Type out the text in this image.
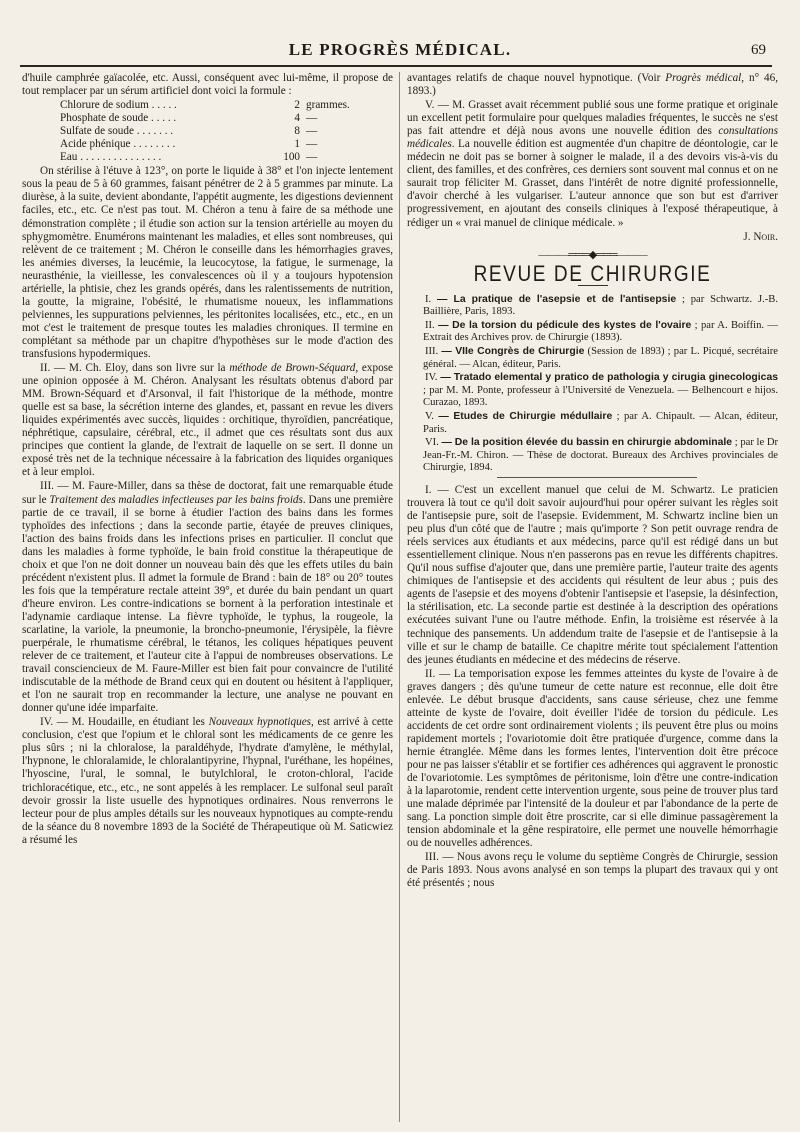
LE PROGRÈS MÉDICAL.	69

d'huile camphrée gaïacolée, etc. Aussi, conséquent avec lui-même, il propose de tout remplacer par un sérum artificiel dont voici la formule :

Chlorure de sodium . . . . .	2 grammes.
Phosphate de soude . . . . .	4 —
Sulfate de soude . . . . . . .	8 —
Acide phénique . . . . . . . .	1 —
Eau . . . . . . . . . . . . . . .	100 —

On stérilise à l'étuve à 123°, on porte le liquide à 38° et l'on injecte lentement sous la peau de 5 à 60 grammes, faisant pénétrer de 2 à 5 grammes par minute. La diurèse, à la suite, devient abondante, l'appétit augmente, les digestions deviennent faciles, etc., etc. Ce n'est pas tout. M. Chéron a tenu à faire de sa méthode une démonstration complète ; il étudie son action sur la tension artérielle au moyen du sphygmomètre. Enumérons maintenant les maladies, et elles sont nombreuses, qui relèvent de ce traitement ; M. Chéron le conseille dans les hémorrhagies graves, les anémies diverses, la leucémie, la leucocytose, la fatigue, le surmenage, la neurasthénie, la vieillesse, les convalescences où il y a toujours hypotension artérielle, la phtisie, chez les grands opérés, dans les ralentissements de nutrition, la goutte, la migraine, l'obésité, le rhumatisme noueux, les inflammations pelviennes, les suppurations pelviennes, les péritonites localisées, etc., etc., en un mot c'est le traitement de presque toutes les maladies chroniques. Il termine en complétant sa méthode par un chapitre d'hypothèses sur le mode d'action des transfusions hypodermiques.

II. — M. Ch. Eloy, dans son livre sur la méthode de Brown-Séquard, expose une opinion opposée à M. Chéron. Analysant les résultats obtenus d'abord par MM. Brown-Séquard et d'Arsonval, il fait l'historique de la méthode, montre quelle est sa base, la sécrétion interne des glandes, et, passant en revue les divers liquides expérimentés avec succès, liquides : orchitique, thyroïdien, pancréatique, néphrétique, capsulaire, cérébral, etc., il admet que ces résultats sont dus aux principes que contient la glande, de l'extrait de laquelle on se sert. Il donne un exposé très net de la technique nécessaire à la fabrication des liquides organiques et à leur emploi.

III. — M. Faure-Miller, dans sa thèse de doctorat, fait une remarquable étude sur le Traitement des maladies infectieuses par les bains froids. Dans une première partie de ce travail, il se borne à étudier l'action des bains dans les formes typhoïdes des infections ; dans la seconde partie, étayée de preuves cliniques, l'action des bains froids dans les infections prises en particulier. Il conclut que dans les maladies à forme typhoïde, le bain froid constitue la thérapeutique de choix et que l'on ne doit donner un nouveau bain dès que les effets utiles du bain précédent n'existent plus. Il admet la formule de Brand : bain de 18° ou 20° toutes les fois que la température rectale atteint 39°, et durée du bain pendant un quart d'heure environ. Les contre-indications se bornent à la perforation intestinale et l'adynamie cardiaque intense. La fièvre typhoïde, le typhus, la rougeole, la scarlatine, la variole, la pneumonie, la broncho-pneumonie, l'érysipèle, la fièvre puerpérale, le rhumatisme cérébral, le tétanos, les coliques hépatiques peuvent relever de ce traitement, et l'auteur cite à l'appui de nombreuses observations. Le travail consciencieux de M. Faure-Miller est bien fait pour convaincre de l'utilité indiscutable de la méthode de Brand ceux qui en doutent ou hésitent à l'appliquer, et l'on ne saurait trop en recommander la lecture, une analyse ne pouvant en donner qu'une idée imparfaite.

IV. — M. Houdaille, en étudiant les Nouveaux hypnotiques, est arrivé à cette conclusion, c'est que l'opium et le chloral sont les médicaments de ce genre les plus sûrs ; ni la chloralose, la paraldéhyde, l'hydrate d'amylène, le méthylal, l'hypnone, le chloralamide, le chloralantipyrine, l'hypnal, l'uréthane, les hopéines, l'hyoscine, l'ural, le somnal, le butylchloral, le croton-chloral, l'acide trichloracétique, etc., etc., ne sont appelés à les remplacer. Le sulfonal seul paraît devoir grossir la liste usuelle des hypnotiques ordinaires. Nous renverrons le lecteur pour de plus amples détails sur les nouveaux hypnotiques au compte-rendu de la séance du 8 novembre 1893 de la Société de Thérapeutique où M. Saticwiez a résumé les

avantages relatifs de chaque nouvel hypnotique. (Voir Progrès médical, n° 46, 1893.)

V. — M. Grasset avait récemment publié sous une forme pratique et originale un excellent petit formulaire pour quelques maladies fréquentes, le succès ne s'est pas fait attendre et déjà nous avons une nouvelle édition des consultations médicales. La nouvelle édition est augmentée d'un chapitre de déontologie, car le médecin ne doit pas se borner à soigner le malade, il a des devoirs vis-à-vis du client, des familles, et des confrères, ces derniers sont souvent mal connus et on ne saurait trop féliciter M. Grasset, dans l'intérêt de notre dignité professionnelle, d'avoir cherché à les vulgariser. L'auteur annonce que son but est d'arriver progressivement, en ajoutant des conseils cliniques à l'exposé thérapeutique, à rédiger un « vrai manuel de clinique médicale. »

J. Noir.
———═══◆═══———
REVUE DE CHIRURGIE

I. — La pratique de l'asepsie et de l'antisepsie ; par Schwartz. J.-B. Baillière, Paris, 1893.

II. — De la torsion du pédicule des kystes de l'ovaire ; par A. Boiffin. — Extrait des Archives prov. de Chirurgie (1893).

III. — VIIe Congrès de Chirurgie (Session de 1893) ; par L. Picqué, secrétaire général. — Alcan, éditeur, Paris.

IV. — Tratado elemental y pratico de pathologia y cirugia ginecologicas ; par M. M. Ponte, professeur à l'Université de Venezuela. — Belhencourt e hijos. Curazao, 1893.

V. — Etudes de Chirurgie médullaire ; par A. Chipault. — Alcan, éditeur, Paris.

VI. — De la position élevée du bassin en chirurgie abdominale ; par le Dr Jean-Fr.-M. Chiron. — Thèse de doctorat. Bureaux des Archives provinciales de Chirurgie, 1894.

I. — C'est un excellent manuel que celui de M. Schwartz. Le praticien trouvera là tout ce qu'il doit savoir aujourd'hui pour opérer suivant les règles soit de l'antisepsie pure, soit de l'asepsie. Evidemment, M. Schwartz incline bien un peu plus d'un côté que de l'autre ; mais qu'importe ? Son petit ouvrage rendra de réels services aux étudiants et aux médecins, parce qu'il est rédigé dans un but essentiellement clinique. Nous n'en passerons pas en revue les différents chapitres. Qu'il nous suffise d'ajouter que, dans une première partie, l'auteur traite des agents chimiques de l'antisepsie et des accidents qui résultent de leur abus ; puis des agents de l'asepsie et des moyens d'obtenir l'antisepsie et l'asepsie, la désinfection, la stérilisation, etc. La seconde partie est destinée à la description des opérations exécutées suivant l'une ou l'autre méthode. Enfin, la troisième est réservée à la technique des pansements. Un addendum traite de l'asepsie et de l'antisepsie à la ville et sur le champ de bataille. Ce chapitre mérite tout spécialement l'attention des jeunes étudiants en médecine et des médecins de réserve.

II. — La temporisation expose les femmes atteintes du kyste de l'ovaire à de graves dangers ; dès qu'une tumeur de cette nature est reconnue, elle doit être enlevée. Le début brusque d'accidents, sans cause sérieuse, chez une femme atteinte de kyste de l'ovaire, doit éveiller l'idée de torsion du pédicule. Les accidents de cet ordre sont ordinairement violents ; ils peuvent être plus ou moins rapidement mortels ; l'ovariotomie doit être pratiquée d'urgence, comme dans la hernie étranglée. Même dans les formes lentes, l'intervention doit être précoce pour ne pas laisser s'établir et se fortifier ces adhérences qui aggravent le pronostic de l'ovariotomie. Les symptômes de péritonisme, loin d'être une contre-indication à la laparotomie, rendent cette intervention urgente, sous peine de trouver plus tard une malade déprimée par l'intensité de la douleur et par l'abondance de la perte de sang. La ponction simple doit être proscrite, car si elle diminue passagèrement la tension abdominale et la gêne respiratoire, elle permet une nouvelle hémorrhagie ou de nouvelles adhérences.

III. — Nous avons reçu le volume du septième Congrès de Chirurgie, session de Paris 1893. Nous avons analysé en son temps la plupart des travaux qui y ont été présentés ; nous
